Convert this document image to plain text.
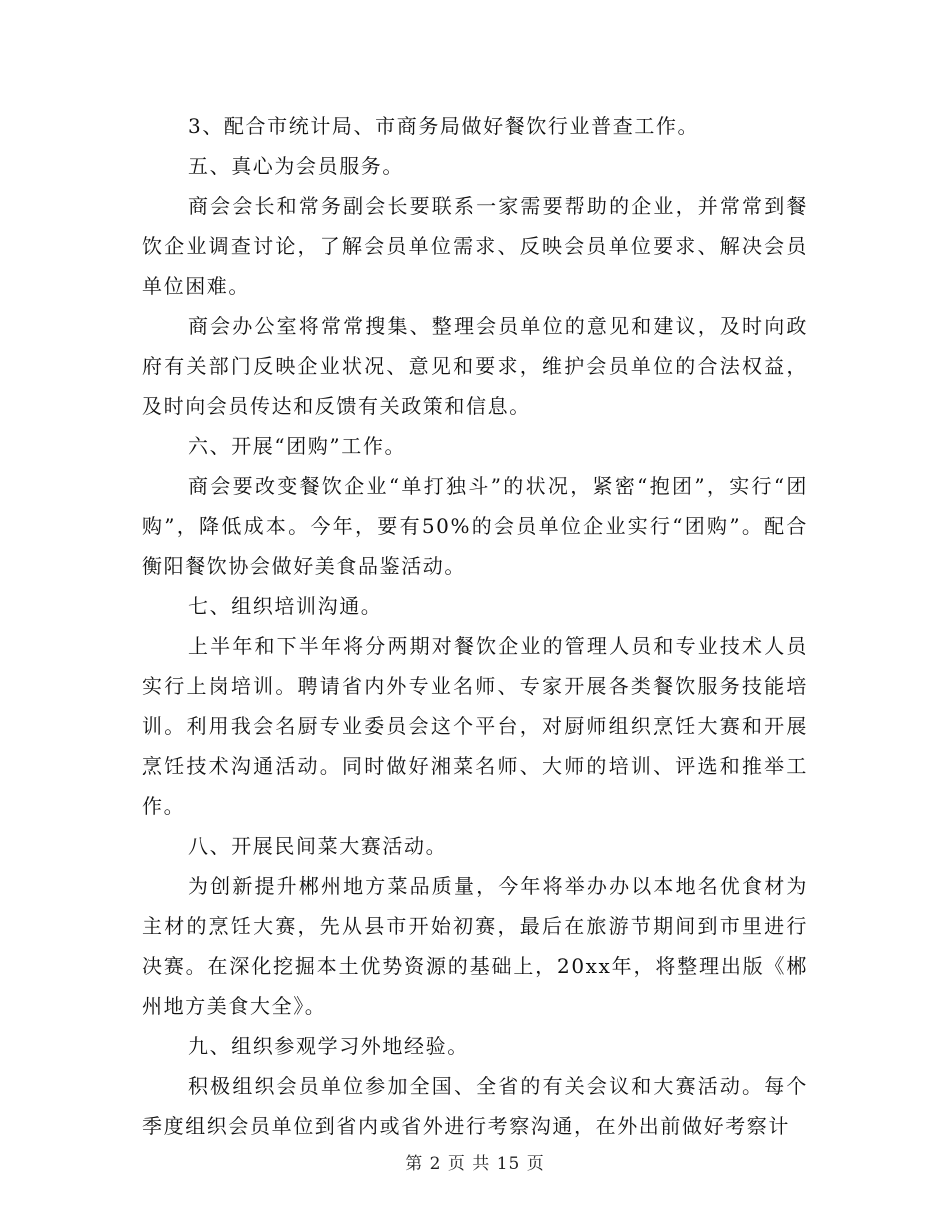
3、配合市统计局、市商务局做好餐饮行业普查工作。

五、真心为会员服务。

商会会长和常务副会长要联系一家需要帮助的企业，并常常到餐饮企业调查讨论，了解会员单位需求、反映会员单位要求、解决会员单位困难。

商会办公室将常常搜集、整理会员单位的意见和建议，及时向政府有关部门反映企业状况、意见和要求，维护会员单位的合法权益，及时向会员传达和反馈有关政策和信息。

六、开展“团购”工作。

商会要改变餐饮企业“单打独斗”的状况，紧密“抱团”，实行“团购”，降低成本。今年，要有50%的会员单位企业实行“团购”。配合衡阳餐饮协会做好美食品鉴活动。

七、组织培训沟通。

上半年和下半年将分两期对餐饮企业的管理人员和专业技术人员实行上岗培训。聘请省内外专业名师、专家开展各类餐饮服务技能培训。利用我会名厨专业委员会这个平台，对厨师组织烹饪大赛和开展烹饪技术沟通活动。同时做好湘菜名师、大师的培训、评选和推举工作。

八、开展民间菜大赛活动。

为创新提升郴州地方菜品质量，今年将举办办以本地名优食材为主材的烹饪大赛，先从县市开始初赛，最后在旅游节期间到市里进行决赛。在深化挖掘本土优势资源的基础上，20xx年，将整理出版《郴州地方美食大全》。

九、组织参观学习外地经验。

积极组织会员单位参加全国、全省的有关会议和大赛活动。每个季度组织会员单位到省内或省外进行考察沟通，在外出前做好考察计

第 2 页 共 15 页
